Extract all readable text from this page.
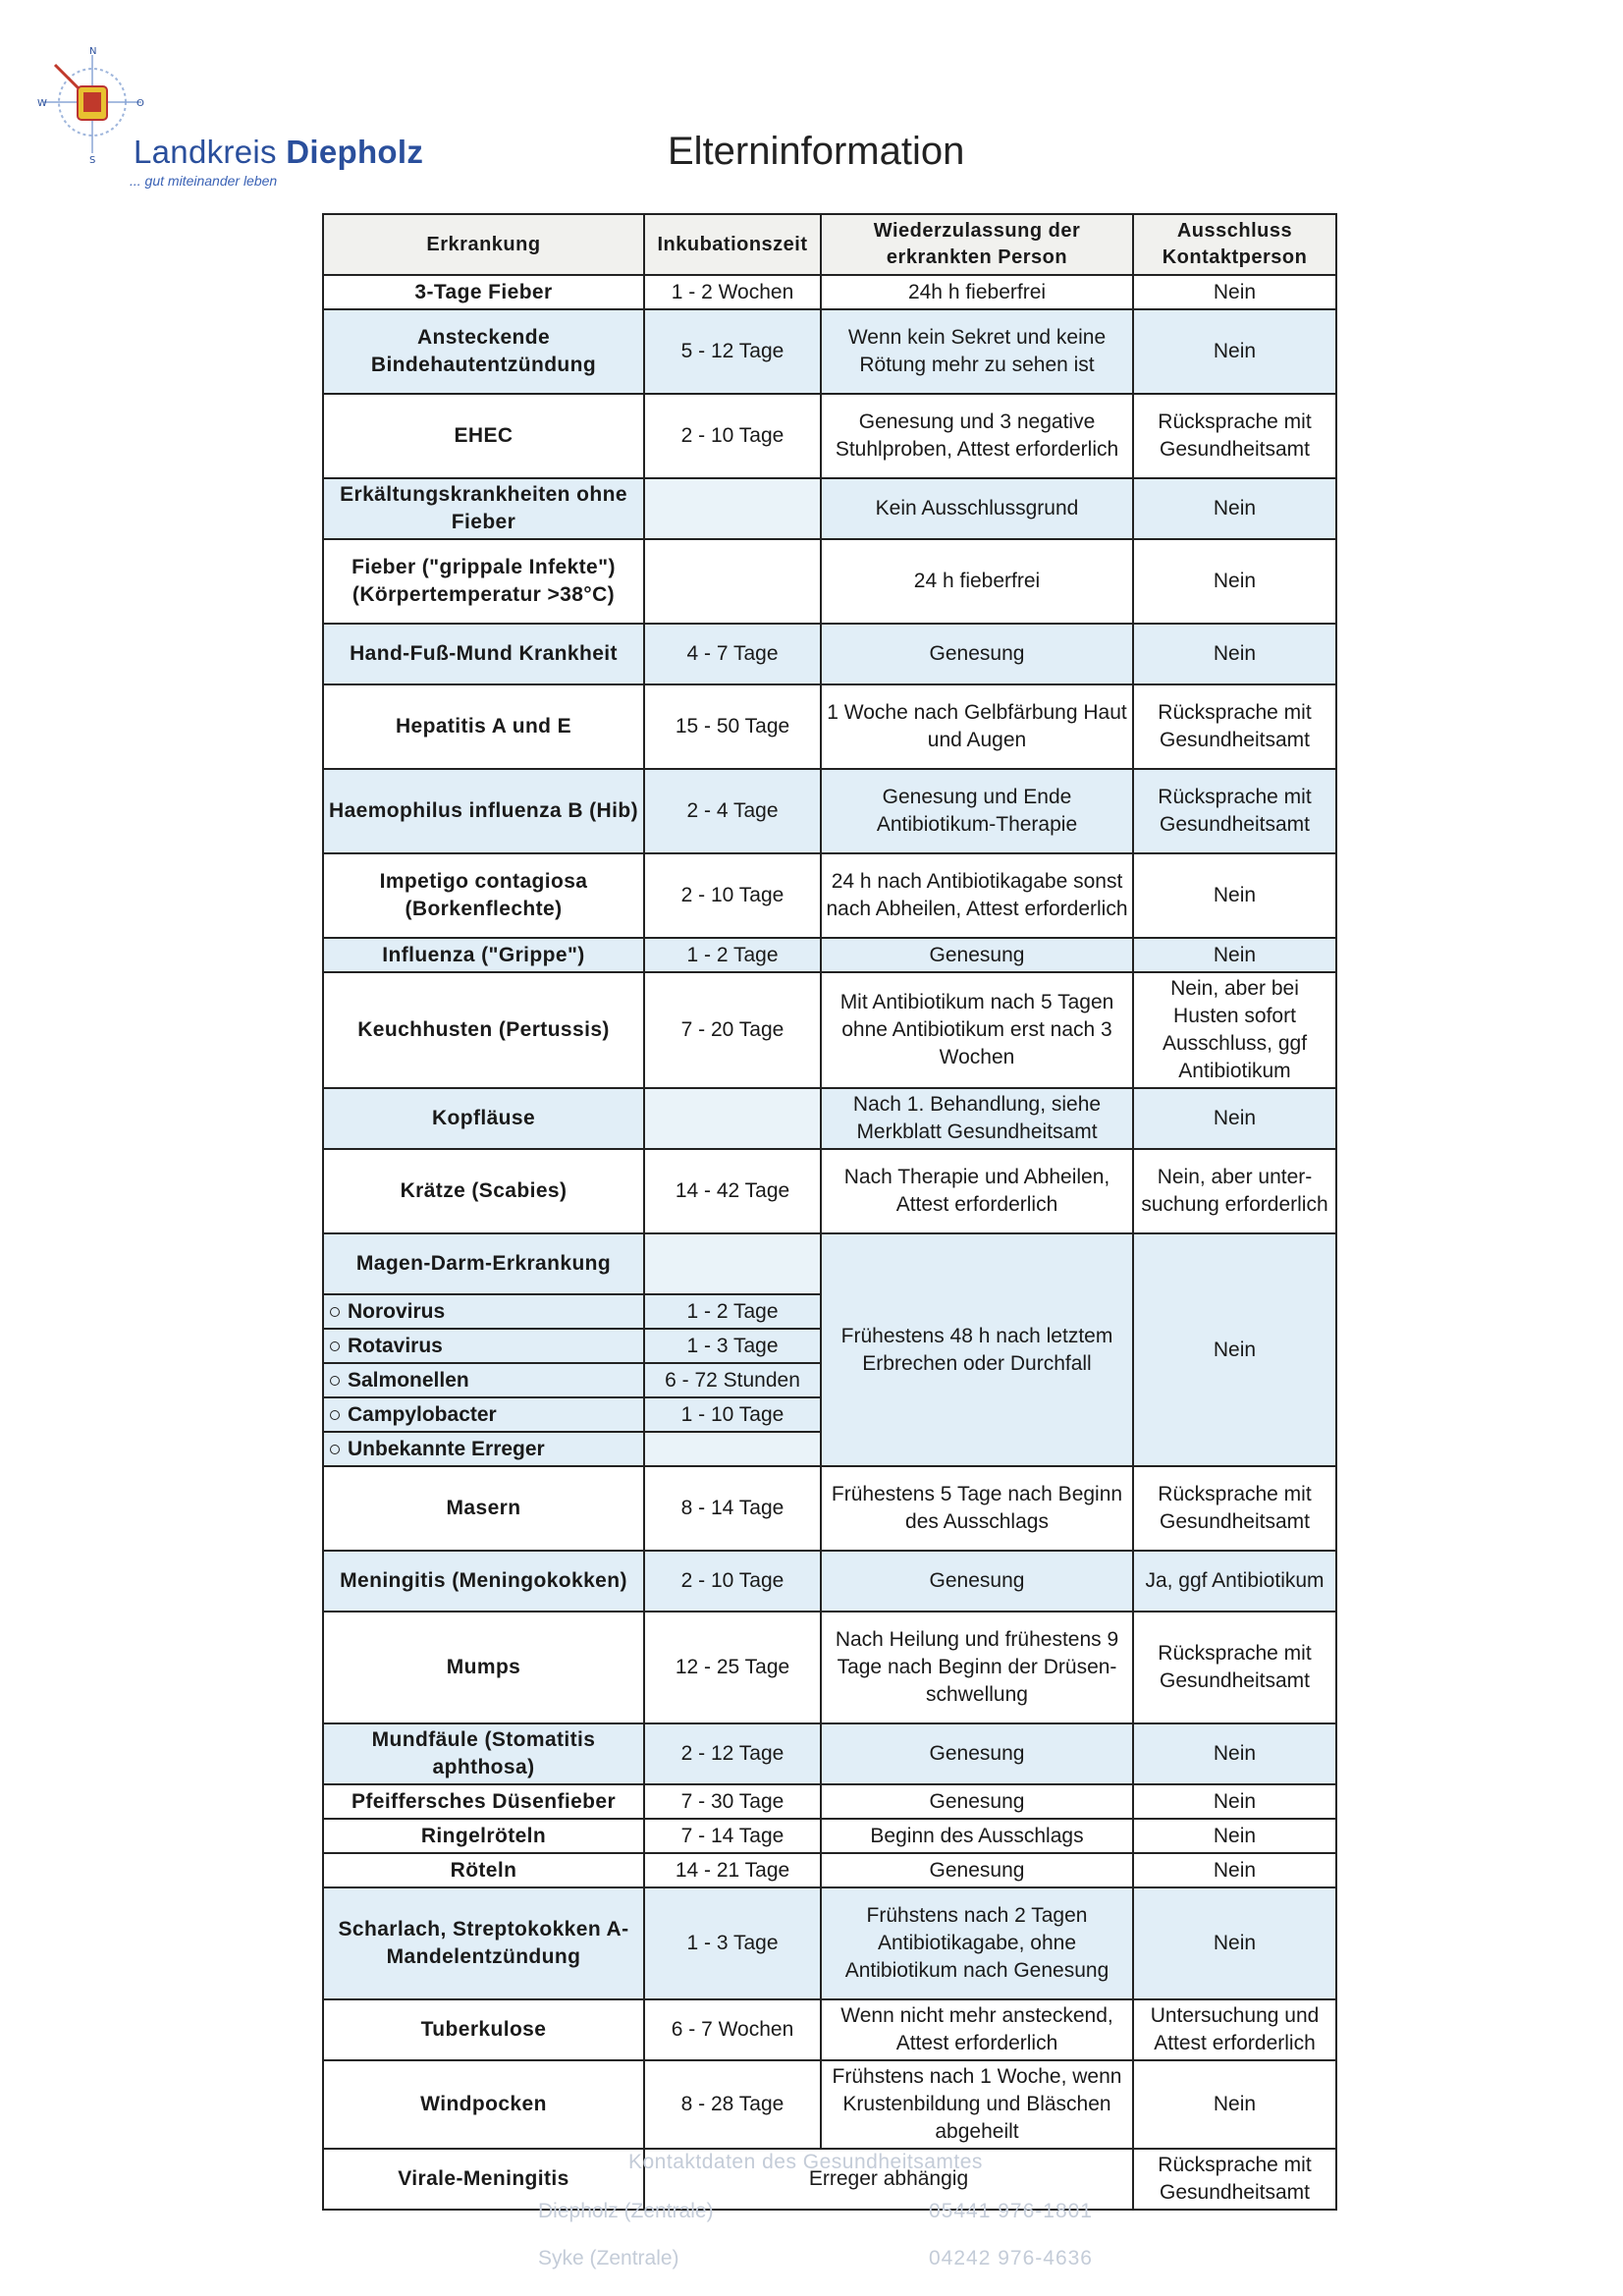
N
O
S
W
Landkreis Diepholz
... gut miteinander leben
Elterninformation
Erkrankung	Inkubationszeit	Wiederzulassung der erkrankten Person	Ausschluss Kontaktperson
3-Tage Fieber	1 - 2 Wochen	24h h fieberfrei	Nein
Ansteckende Bindehautentzündung	5 - 12 Tage	Wenn kein Sekret und keine Rötung mehr zu sehen ist	Nein
EHEC	2 - 10 Tage	Genesung und 3 negative Stuhlproben, Attest erforderlich	Rücksprache mit Gesundheitsamt
Erkältungskrankheiten ohne Fieber		Kein Ausschlussgrund	Nein
Fieber ("grippale Infekte") (Körpertemperatur >38°C)		24 h fieberfrei	Nein
Hand-Fuß-Mund Krankheit	4 - 7 Tage	Genesung	Nein
Hepatitis A und E	15 - 50 Tage	1 Woche nach Gelbfärbung Haut und Augen	Rücksprache mit Gesundheitsamt
Haemophilus influenza B (Hib)	2 - 4 Tage	Genesung und Ende Antibiotikum-Therapie	Rücksprache mit Gesundheitsamt
Impetigo contagiosa (Borkenflechte)	2 - 10 Tage	24 h nach Antibiotikagabe sonst nach Abheilen, Attest erforderlich	Nein
Influenza ("Grippe")	1 - 2 Tage	Genesung	Nein
Keuchhusten (Pertussis)	7 - 20 Tage	Mit Antibiotikum nach 5 Tagen ohne Antibiotikum erst nach 3 Wochen	Nein, aber bei Husten sofort Ausschluss, ggf Antibiotikum
Kopfläuse		Nach 1. Behandlung, siehe Merkblatt Gesundheitsamt	Nein
Krätze (Scabies)	14 - 42 Tage	Nach Therapie und Abheilen, Attest erforderlich	Nein, aber unter-suchung erforderlich
Magen-Darm-Erkrankung		Frühestens 48 h nach letztem Erbrechen oder Durchfall	Nein
Norovirus	1 - 2 Tage		
Rotavirus	1 - 3 Tage		
Salmonellen	6 - 72 Stunden		
Campylobacter	1 - 10 Tage		
Unbekannte Erreger			
Masern	8 - 14 Tage	Frühestens 5 Tage nach Beginn des Ausschlags	Rücksprache mit Gesundheitsamt
Meningitis (Meningokokken)	2 - 10 Tage	Genesung	Ja, ggf Antibiotikum
Mumps	12 - 25 Tage	Nach Heilung und frühestens 9 Tage nach Beginn der Drüsen-schwellung	Rücksprache mit Gesundheitsamt
Mundfäule (Stomatitis aphthosa)	2 - 12 Tage	Genesung	Nein
Pfeiffersches Düsenfieber	7 - 30 Tage	Genesung	Nein
Ringelröteln	7 - 14 Tage	Beginn des Ausschlags	Nein
Röteln	14 - 21 Tage	Genesung	Nein
Scharlach, Streptokokken A-Mandelentzündung	1 - 3 Tage	Frühstens nach 2 Tagen Antibiotikagabe, ohne Antibiotikum nach Genesung	Nein
Tuberkulose	6 - 7 Wochen	Wenn nicht mehr ansteckend, Attest erforderlich	Untersuchung und Attest erforderlich
Windpocken	8 - 28 Tage	Frühstens nach 1 Woche, wenn Krustenbildung und Bläschen abgeheilt	Nein
Virale-Meningitis	Erreger abhängig		Rücksprache mit Gesundheitsamt
Kontaktdaten des Gesundheitsamtes
Diepholz (Zentrale)	05441 976-1801
Syke (Zentrale)	04242 976-4636
